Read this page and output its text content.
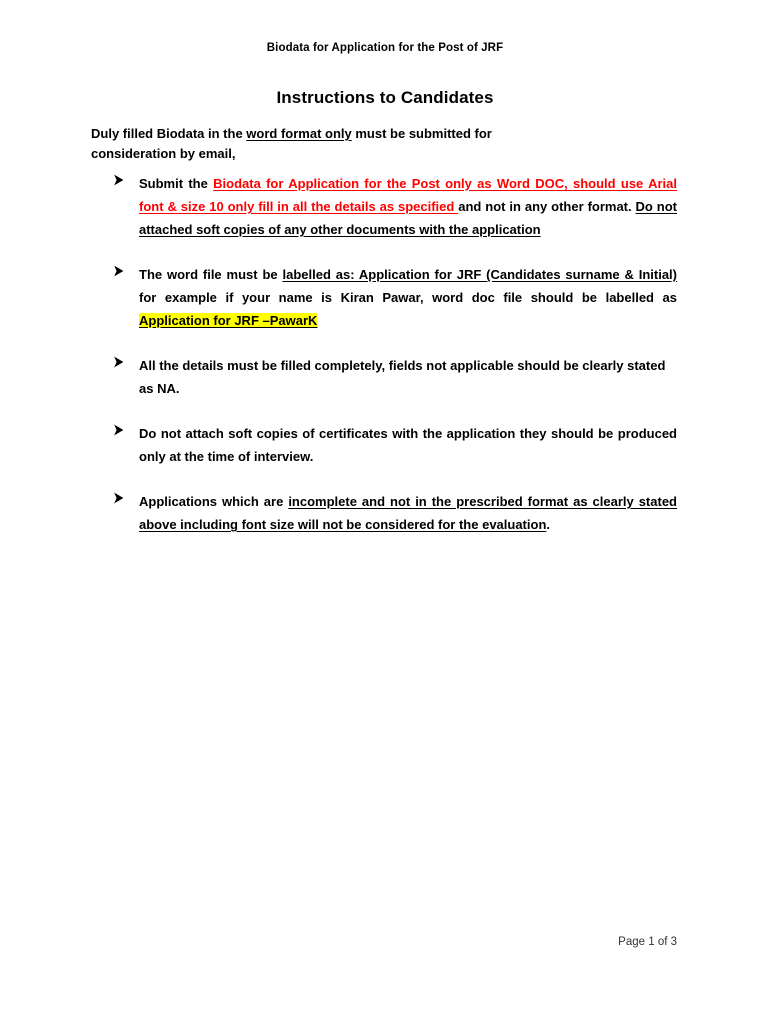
Biodata for Application for the Post of JRF
Instructions to Candidates
Duly filled Biodata in the word format only must be submitted for
consideration by email,

Submit the Biodata for Application for the Post only as Word DOC, should use Arial font & size 10 only fill in all the details as specified and not in any other format. Do not attached soft copies of any other documents with the application

The word file must be labelled as: Application for JRF (Candidates surname & Initial) for example if your name is Kiran Pawar, word doc file should be labelled as Application for JRF –PawarK

All the details must be filled completely, fields not applicable should be clearly stated as NA.

Do not attach soft copies of certificates with the application they should be produced only at the time of interview.

Applications which are incomplete and not in the prescribed format as clearly stated above including font size will not be considered for the evaluation.

Page 1 of 3
